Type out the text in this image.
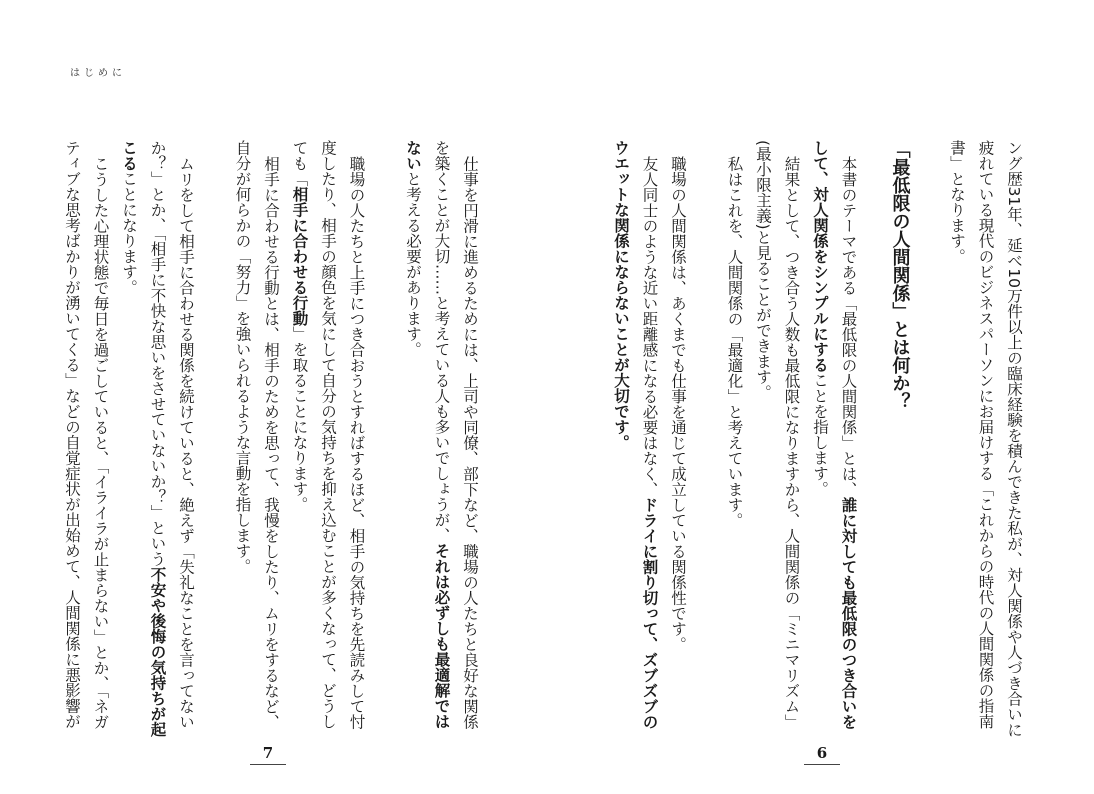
はじめに

ング歴31年、延べ10万件以上の臨床経験を積んできた私が、対人関係や人づき合いに疲れている現代のビジネスパーソンにお届けする「これからの時代の人間関係の指南書」となります。

「最低限の人間関係」とは何か？

本書のテーマである「最低限の人間関係」とは、誰に対しても最低限のつき合いをして、対人関係をシンプルにすることを指します。

結果として、つき合う人数も最低限になりますから、人間関係の「ミニマリズム」(最小限主義)と見ることができます。

私はこれを、人間関係の「最適化」と考えています。

職場の人間関係は、あくまでも仕事を通じて成立している関係性です。

友人同士のような近い距離感になる必要はなく、ドライに割り切って、ズブズブのウエットな関係にならないことが大切です。

仕事を円滑に進めるためには、上司や同僚、部下など、職場の人たちと良好な関係を築くことが大切……と考えている人も多いでしょうが、それは必ずしも最適解ではないと考える必要があります。

職場の人たちと上手につき合おうとすればするほど、相手の気持ちを先読みして忖度したり、相手の顔色を気にして自分の気持ちを抑え込むことが多くなって、どうしても「相手に合わせる行動」を取ることになります。

相手に合わせる行動とは、相手のためを思って、我慢をしたり、ムリをするなど、自分が何らかの「努力」を強いられるような言動を指します。

ムリをして相手に合わせる関係を続けていると、絶えず「失礼なことを言ってないか？」とか、「相手に不快な思いをさせていないか？」という不安や後悔の気持ちが起こることになります。

こうした心理状態で毎日を過ごしていると、「イライラが止まらない」とか、「ネガティブな思考ばかりが湧いてくる」などの自覚症状が出始めて、人間関係に悪影響が

7	6
